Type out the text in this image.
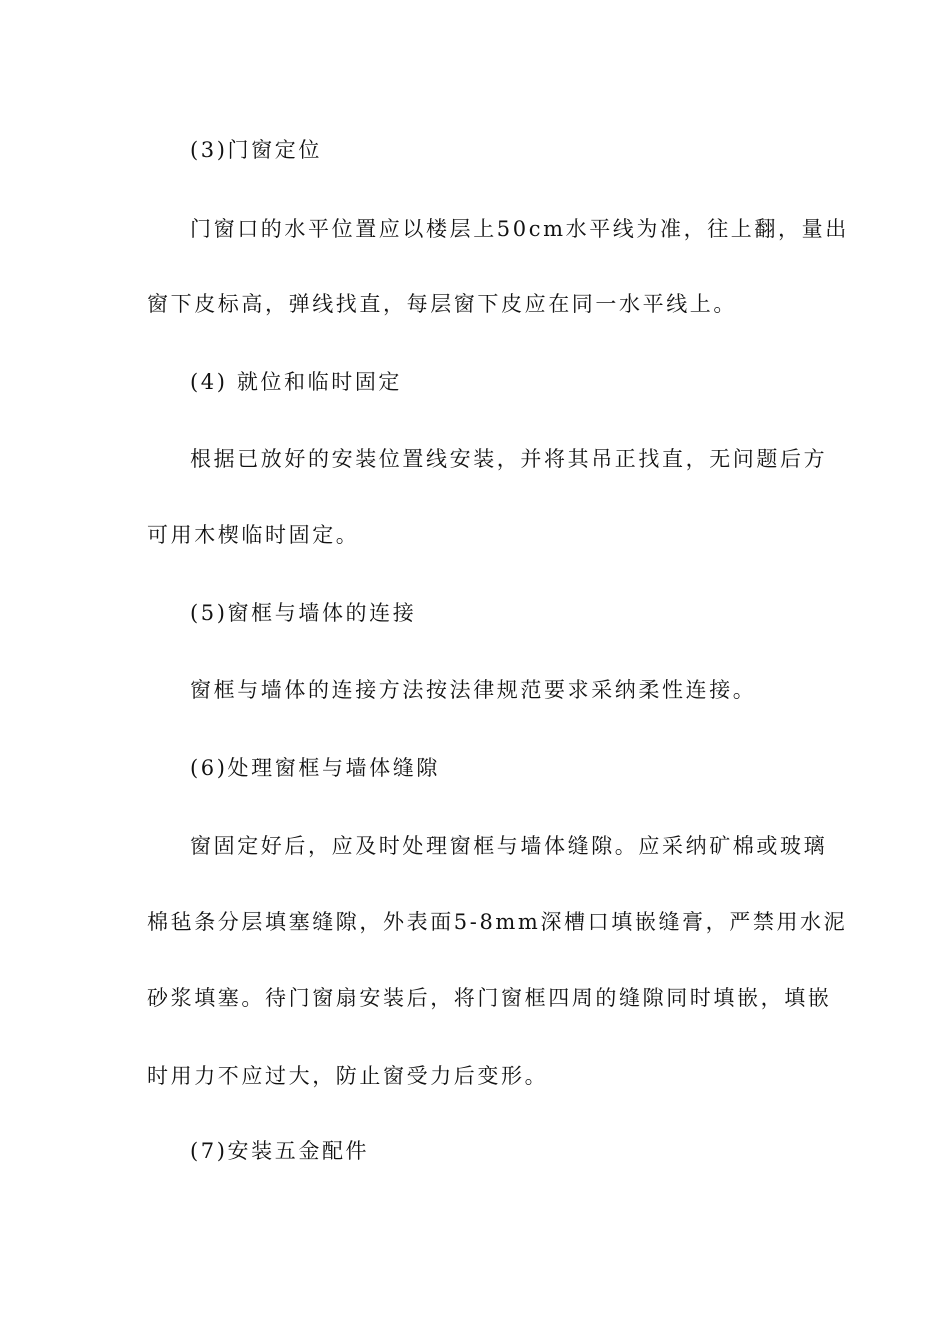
(3)门窗定位
门窗口的水平位置应以楼层上50cm水平线为准，往上翻，量出
窗下皮标高，弹线找直，每层窗下皮应在同一水平线上。
(4) 就位和临时固定
根据已放好的安装位置线安装，并将其吊正找直，无问题后方
可用木楔临时固定。
(5)窗框与墙体的连接
窗框与墙体的连接方法按法律规范要求采纳柔性连接。
(6)处理窗框与墙体缝隙
窗固定好后，应及时处理窗框与墙体缝隙。应采纳矿棉或玻璃
棉毡条分层填塞缝隙，外表面5-8mm深槽口填嵌缝膏，严禁用水泥
砂浆填塞。待门窗扇安装后，将门窗框四周的缝隙同时填嵌，填嵌
时用力不应过大，防止窗受力后变形。
(7)安装五金配件
